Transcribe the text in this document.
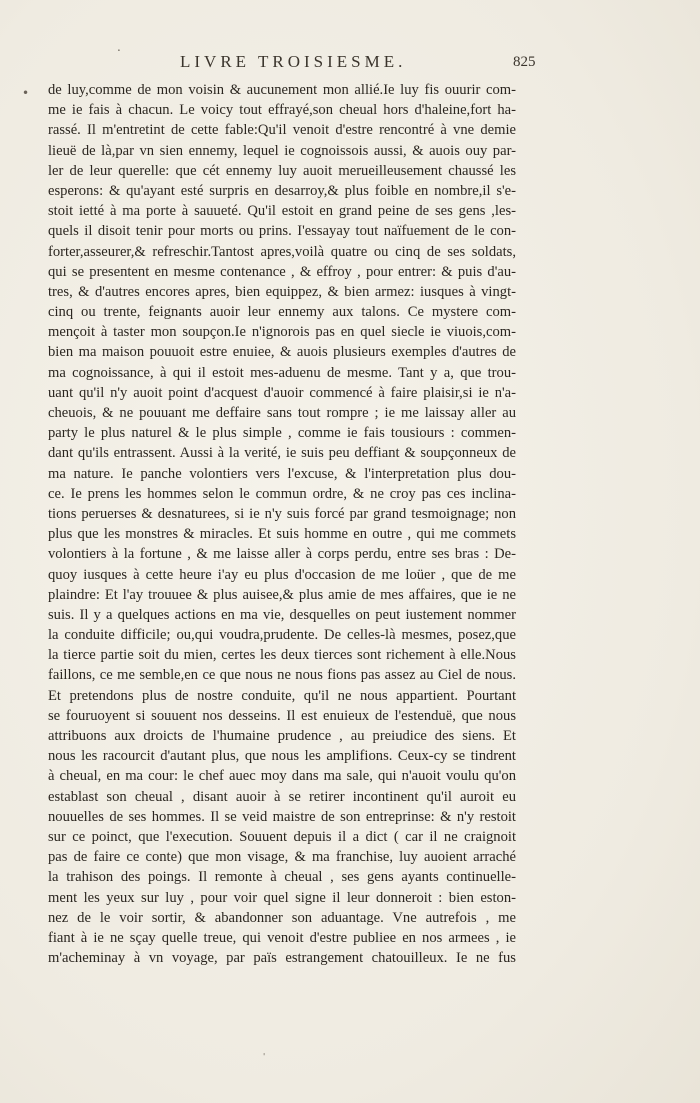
.
•
'
LIVRE TROISIESME.	825
de luy,comme de mon voisin & aucunement mon allié.Ie luy fis ouurir com-
me ie fais à chacun. Le voicy tout effrayé,son cheual hors d'haleine,fort ha-
rassé. Il m'entretint de cette fable:Qu'il venoit d'estre rencontré à vne demie
lieuë de là,par vn sien ennemy, lequel ie cognoissois aussi, & auois ouy par-
ler de leur querelle: que cét ennemy luy auoit merueilleusement chaussé les
esperons: & qu'ayant esté surpris en desarroy,& plus foible en nombre,il s'e-
stoit ietté à ma porte à sauueté. Qu'il estoit en grand peine de ses gens ,les-
quels il disoit tenir pour morts ou prins. I'essayay tout naïfuement de le con-
forter,asseurer,& refreschir.Tantost apres,voilà quatre ou cinq de ses soldats,
qui se presentent en mesme contenance , & effroy , pour entrer: & puis d'au-
tres, & d'autres encores apres, bien equippez, & bien armez: iusques à vingt-
cinq ou trente, feignants auoir leur ennemy aux talons. Ce mystere com-
mençoit à taster mon soupçon.Ie n'ignorois pas en quel siecle ie viuois,com-
bien ma maison pouuoit estre enuiee, & auois plusieurs exemples d'autres de
ma cognoissance, à qui il estoit mes-aduenu de mesme. Tant y a, que trou-
uant qu'il n'y auoit point d'acquest d'auoir commencé à faire plaisir,si ie n'a-
cheuois, & ne pouuant me deffaire sans tout rompre ; ie me laissay aller au
party le plus naturel & le plus simple , comme ie fais tousiours : commen-
dant qu'ils entrassent. Aussi à la verité, ie suis peu deffiant & soupçonneux de
ma nature. Ie panche volontiers vers l'excuse, & l'interpretation plus dou-
ce. Ie prens les hommes selon le commun ordre, & ne croy pas ces inclina-
tions peruerses & desnaturees, si ie n'y suis forcé par grand tesmoignage; non
plus que les monstres & miracles. Et suis homme en outre , qui me commets
volontiers à la fortune , & me laisse aller à corps perdu, entre ses bras : De-
quoy iusques à cette heure i'ay eu plus d'occasion de me loüer , que de me
plaindre: Et l'ay trouuee & plus auisee,& plus amie de mes affaires, que ie ne
suis. Il y a quelques actions en ma vie, desquelles on peut iustement nommer
la conduite difficile; ou,qui voudra,prudente. De celles-là mesmes, posez,que
la tierce partie soit du mien, certes les deux tierces sont richement à elle.Nous
faillons, ce me semble,en ce que nous ne nous fions pas assez au Ciel de nous.
Et pretendons plus de nostre conduite, qu'il ne nous appartient. Pourtant
se fouruoyent si souuent nos desseins. Il est enuieux de l'estenduë, que nous
attribuons aux droicts de l'humaine prudence , au preiudice des siens. Et
nous les racourcit d'autant plus, que nous les amplifions. Ceux-cy se tindrent
à cheual, en ma cour: le chef auec moy dans ma sale, qui n'auoit voulu qu'on
establast son cheual , disant auoir à se retirer incontinent qu'il auroit eu
nouuelles de ses hommes. Il se veid maistre de son entreprinse: & n'y restoit
sur ce poinct, que l'execution. Souuent depuis il a dict ( car il ne craignoit
pas de faire ce conte) que mon visage, & ma franchise, luy auoient arraché
la trahison des poings. Il remonte à cheual , ses gens ayants continuelle-
ment les yeux sur luy , pour voir quel signe il leur donneroit : bien eston-
nez de le voir sortir, & abandonner son aduantage. Vne autrefois , me
fiant à ie ne sçay quelle treue, qui venoit d'estre publiee en nos armees , ie
m'acheminay à vn voyage, par païs estrangement chatouilleux. Ie ne fus
